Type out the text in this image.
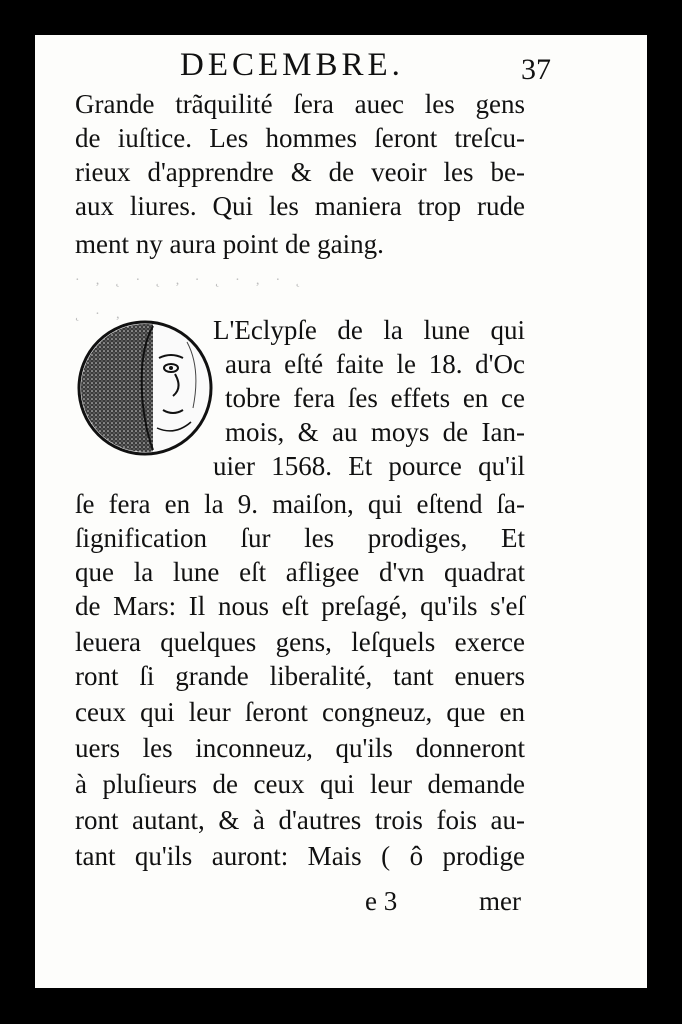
DECEMBRE.	37
Grande trãquilité ſera auec les gens
de iuſtice. Les hommes ſeront treſcu-
rieux d'apprendre & de veoir les be-
aux liures. Qui les maniera trop rude
ment ny aura point de gaing.
· ‚ ˛ · ˛ , · ˛ · ‚ · ˛
˛ · ‚
L'Eclypſe de la lune qui
aura eſté faite le 18. d'Oc
tobre fera ſes effets en ce
mois, & au moys de Ian-
uier 1568. Et pource qu'il
ſe fera en la 9. maiſon, qui eſtend ſa-
ſignification ſur les prodiges, Et
que la lune eſt afligee d'vn quadrat
de Mars: Il nous eſt preſagé, qu'ils s'eſ
leuera quelques gens, leſquels exerce
ront ſi grande liberalité, tant enuers
ceux qui leur ſeront congneuz, que en
uers les inconneuz, qu'ils donneront
à pluſieurs de ceux qui leur demande
ront autant, & à d'autres trois fois au-
tant qu'ils auront: Mais ( ô prodige
e 3	mer
